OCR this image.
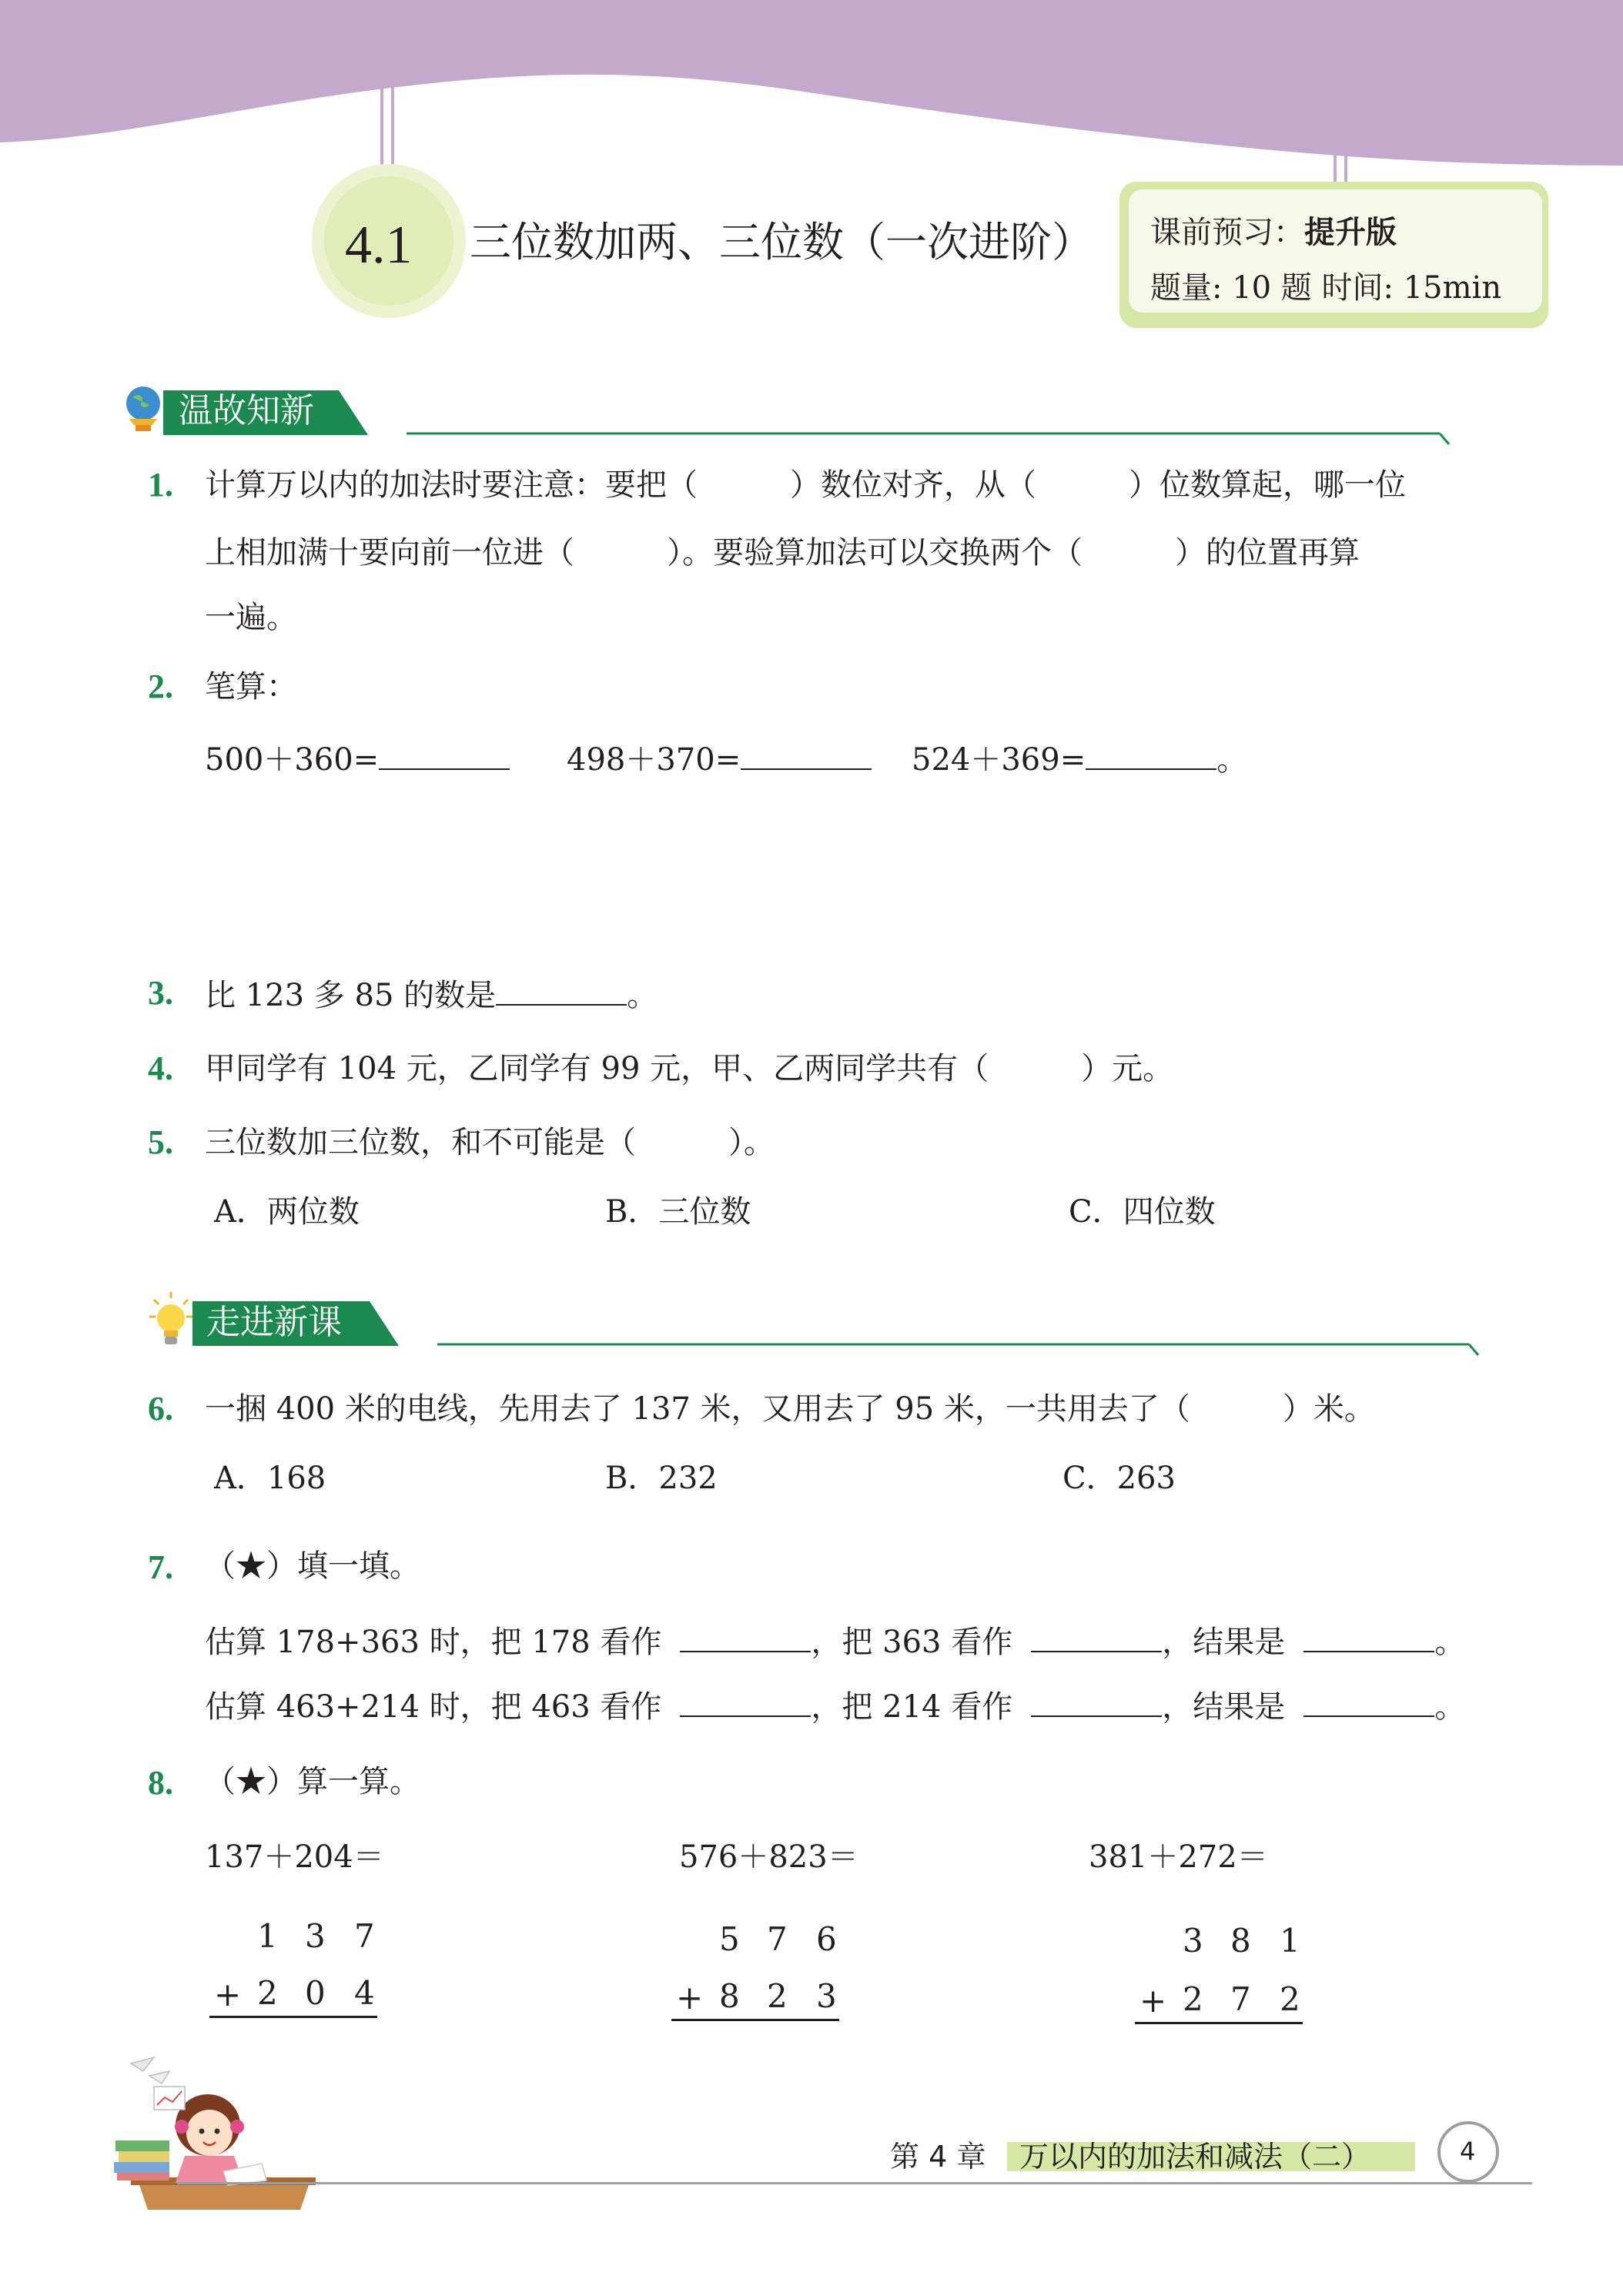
4.1 三位数加两、三位数（一次进阶） 课前预习：提升版
题量: 10 题 时间: 15min
温故知新
1. 计算万以内的加法时要注意：要把（　　　）数位对齐，从（　　　）位数算起，哪一位
上相加满十要向前一位进（　　　）。要验算加法可以交换两个（　　　）的位置再算
一遍。
2. 笔算：
500＋360=	498＋370=	524＋369=	。
3. 比 123 多 85 的数是	。
4. 甲同学有 104 元，乙同学有 99 元，甲、乙两同学共有（　　　）元。
5. 三位数加三位数，和不可能是（　　　）。
A．两位数	B．三位数	C．四位数
走进新课
6. 一捆 400 米的电线，先用去了 137 米，又用去了 95 米，一共用去了（　　　）米。
A．168	B．232	C．263
7. （★）填一填。
估算 178+363 时，把 178 看作	，把 363 看作	，结果是	。
估算 463+214 时，把 463 看作	，把 214 看作	，结果是	。
8. （★）算一算。
137＋204＝
1 3 7
+ 2 0 4
576＋823＝
5 7 6
+ 8 2 3
381＋272＝
3 8 1
+ 2 7 2
第 4 章 万以内的加法和减法（二）	4
